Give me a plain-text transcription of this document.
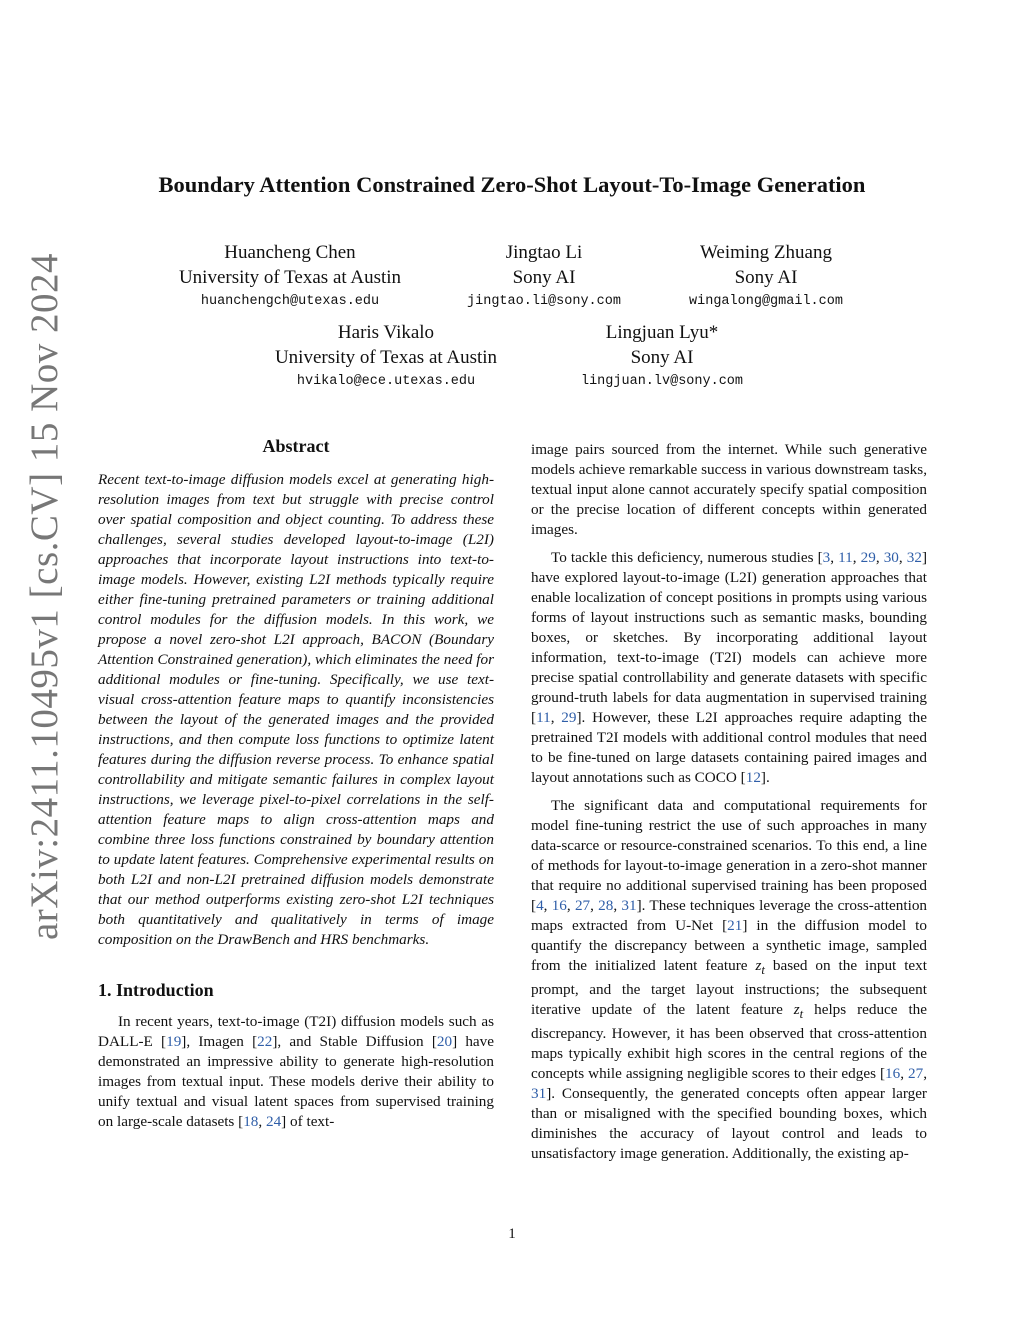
arXiv:2411.10495v1 [cs.CV] 15 Nov 2024
Boundary Attention Constrained Zero-Shot Layout-To-Image Generation
Huancheng Chen
University of Texas at Austin
huanchengch@utexas.edu
Jingtao Li
Sony AI
jingtao.li@sony.com
Weiming Zhuang
Sony AI
wingalong@gmail.com
Haris Vikalo
University of Texas at Austin
hvikalo@ece.utexas.edu
Lingjuan Lyu*
Sony AI
lingjuan.lv@sony.com
Abstract

Recent text-to-image diffusion models excel at generating high-resolution images from text but struggle with precise control over spatial composition and object counting. To address these challenges, several studies developed layout-to-image (L2I) approaches that incorporate layout instructions into text-to-image models. However, existing L2I methods typically require either fine-tuning pretrained parameters or training additional control modules for the diffusion models. In this work, we propose a novel zero-shot L2I approach, BACON (Boundary Attention Constrained generation), which eliminates the need for additional modules or fine-tuning. Specifically, we use text-visual cross-attention feature maps to quantify inconsistencies between the layout of the generated images and the provided instructions, and then compute loss functions to optimize latent features during the diffusion reverse process. To enhance spatial controllability and mitigate semantic failures in complex layout instructions, we leverage pixel-to-pixel correlations in the self-attention feature maps to align cross-attention maps and combine three loss functions constrained by boundary attention to update latent features. Comprehensive experimental results on both L2I and non-L2I pretrained diffusion models demonstrate that our method outperforms existing zero-shot L2I techniques both quantitatively and qualitatively in terms of image composition on the DrawBench and HRS benchmarks.

1. Introduction

In recent years, text-to-image (T2I) diffusion models such as DALL-E [19], Imagen [22], and Stable Diffusion [20] have demonstrated an impressive ability to generate high-resolution images from textual input. These models derive their ability to unify textual and visual latent spaces from supervised training on large-scale datasets [18, 24] of text-

image pairs sourced from the internet. While such generative models achieve remarkable success in various downstream tasks, textual input alone cannot accurately specify spatial composition or the precise location of different concepts within generated images.

To tackle this deficiency, numerous studies [3, 11, 29, 30, 32] have explored layout-to-image (L2I) generation approaches that enable localization of concept positions in prompts using various forms of layout instructions such as semantic masks, bounding boxes, or sketches. By incorporating additional layout information, text-to-image (T2I) models can achieve more precise spatial controllability and generate datasets with specific ground-truth labels for data augmentation in supervised training [11, 29]. However, these L2I approaches require adapting the pretrained T2I models with additional control modules that need to be fine-tuned on large datasets containing paired images and layout annotations such as COCO [12].

The significant data and computational requirements for model fine-tuning restrict the use of such approaches in many data-scarce or resource-constrained scenarios. To this end, a line of methods for layout-to-image generation in a zero-shot manner that require no additional supervised training has been proposed [4, 16, 27, 28, 31]. These techniques leverage the cross-attention maps extracted from U-Net [21] in the diffusion model to quantify the discrepancy between a synthetic image, sampled from the initialized latent feature $z_t$ based on the input text prompt, and the target layout instructions; the subsequent iterative update of the latent feature $z_t$ helps reduce the discrepancy. However, it has been observed that cross-attention maps typically exhibit high scores in the central regions of the concepts while assigning negligible scores to their edges [16, 27, 31]. Consequently, the generated concepts often appear larger than or misaligned with the specified bounding boxes, which diminishes the accuracy of layout control and leads to unsatisfactory image generation. Additionally, the existing ap-

1
